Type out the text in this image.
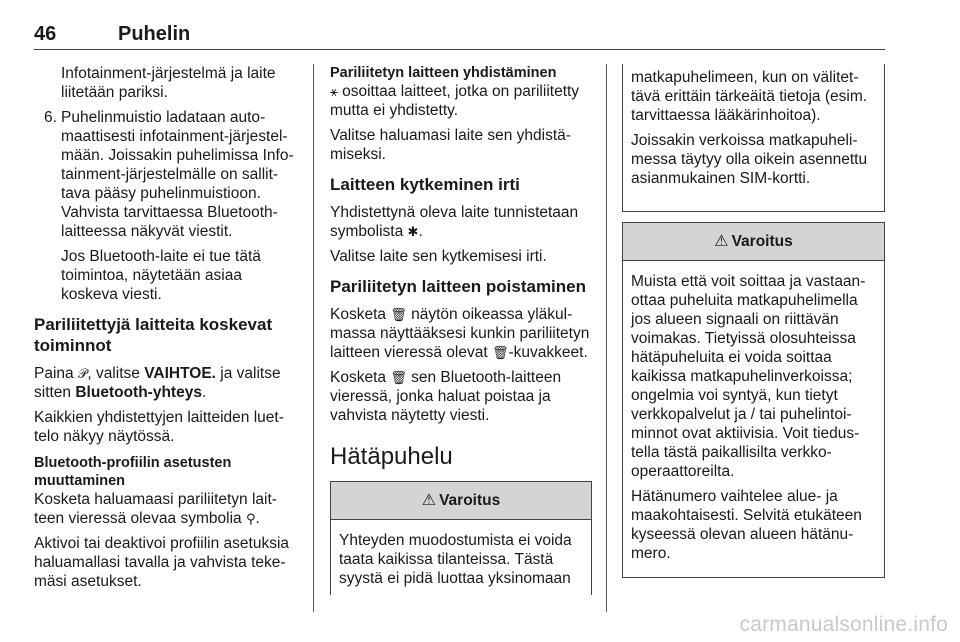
46	Puhelin

Infotainment-järjestelmä ja laite liitetään pariksi.

6. Puhelinmuistio ladataan automaattisesti infotainment-järjestelmään. Joissakin puhelimissa Infotainment-järjestelmälle on sallittava pääsy puhelinmuistioon. Vahvista tarvittaessa Bluetooth-laitteessa näkyvät viestit.

Jos Bluetooth-laite ei tue tätä toimintoa, näytetään asiaa koskeva viesti.

Pariliitettyjä laitteita koskevat toiminnot

Paina 𝒫, valitse VAIHTOE. ja valitse sitten Bluetooth-yhteys.

Kaikkien yhdistettyjen laitteiden luettelo näkyy näytössä.

Bluetooth-profiilin asetusten muuttaminen

Kosketa haluamaasi pariliitetyn laitteen vieressä olevaa symbolia ⚲.

Aktivoi tai deaktivoi profiilin asetuksia haluamallasi tavalla ja vahvista tekemäsi asetukset.

Pariliitetyn laitteen yhdistäminen

⚹ osoittaa laitteet, jotka on pariliitetty mutta ei yhdistetty.

Valitse haluamasi laite sen yhdistämiseksi.

Laitteen kytkeminen irti

Yhdistettynä oleva laite tunnistetaan symbolista ✱.

Valitse laite sen kytkemisesi irti.

Pariliitetyn laitteen poistaminen

Kosketa 🗑 näytön oikeassa yläkulmassa näyttääksesi kunkin pariliitetyn laitteen vieressä olevat 🗑-kuvakkeet.

Kosketa 🗑 sen Bluetooth-laitteen vieressä, jonka haluat poistaa ja vahvista näytetty viesti.

Hätäpuhelu
⚠ Varoitus

Yhteyden muodostumista ei voida taata kaikissa tilanteissa. Tästä syystä ei pidä luottaa yksinomaan

matkapuhelimeen, kun on välitettävä erittäin tärkeäitä tietoja (esim. tarvittaessa lääkärinhoitoa).

Joissakin verkoissa matkapuhelimessa täytyy olla oikein asennettu asianmukainen SIM-kortti.

⚠ Varoitus

Muista että voit soittaa ja vastaanottaa puheluita matkapuhelimella jos alueen signaali on riittävän voimakas. Tietyissä olosuhteissa hätäpuheluita ei voida soittaa kaikissa matkapuhelinverkoissa; ongelmia voi syntyä, kun tietyt verkkopalvelut ja / tai puhelintoiminnot ovat aktiivisia. Voit tiedustella tästä paikallisilta verkkooperaattoreilta.

Hätänumero vaihtelee alue- ja maakohtaisesti. Selvitä etukäteen kyseessä olevan alueen hätänumero.

carmanualsonline.info
